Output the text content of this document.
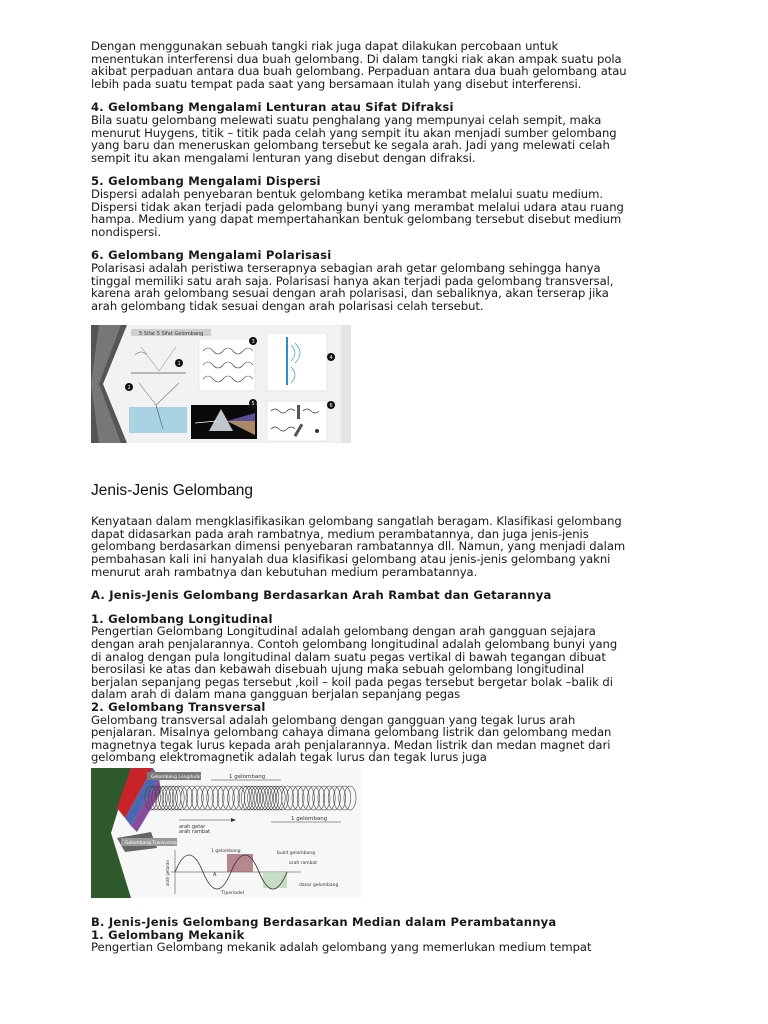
Dengan menggunakan sebuah tangki riak juga dapat dilakukan percobaan untuk
menentukan interferensi dua buah gelombang. Di dalam tangki riak akan ampak suatu pola
akibat perpaduan antara dua buah gelombang. Perpaduan antara dua buah gelombang atau
lebih pada suatu tempat pada saat yang bersamaan itulah yang disebut interferensi.

4. Gelombang Mengalami Lenturan atau Sifat Difraksi

Bila suatu gelombang melewati suatu penghalang yang mempunyai celah sempit, maka
menurut Huygens, titik – titik pada celah yang sempit itu akan menjadi sumber gelombang
yang baru dan meneruskan gelombang tersebut ke segala arah. Jadi yang melewati celah
sempit itu akan mengalami lenturan yang disebut dengan difraksi.

5. Gelombang Mengalami Dispersi

Dispersi adalah penyebaran bentuk gelombang ketika merambat melalui suatu medium.
Dispersi tidak akan terjadi pada gelombang bunyi yang merambat melalui udara atau ruang
hampa. Medium yang dapat mempertahankan bentuk gelombang tersebut disebut medium
nondispersi.

6. Gelombang Mengalami Polarisasi

Polarisasi adalah peristiwa terserapnya sebagian arah getar gelombang sehingga hanya
tinggal memiliki satu arah saja. Polarisasi hanya akan terjadi pada gelombang transversal,
karena arah gelombang sesuai dengan arah polarisasi, dan sebaliknya, akan terserap jika
arah gelombang tidak sesuai dengan arah polarisasi celah tersebut.

Jenis-Jenis Gelombang

Kenyataan dalam mengklasifikasikan gelombang sangatlah beragam. Klasifikasi gelombang
dapat didasarkan pada arah rambatnya, medium perambatannya, dan juga jenis-jenis
gelombang berdasarkan dimensi penyebaran rambatannya dll. Namun, yang menjadi dalam
pembahasan kali ini hanyalah dua klasifikasi gelombang atau jenis-jenis gelombang yakni
menurut arah rambatnya dan kebutuhan medium perambatannya.

A. Jenis-Jenis Gelombang Berdasarkan Arah Rambat dan Getarannya
1. Gelombang Longitudinal

Pengertian Gelombang Longitudinal adalah gelombang dengan arah gangguan sejajara
dengan arah penjalarannya. Contoh gelombang longitudinal adalah gelombang bunyi yang
di analog dengan pula longitudinal dalam suatu pegas vertikal di bawah tegangan dibuat
berosilasi ke atas dan kebawah disebuah ujung maka sebuah gelombang longitudinal
berjalan sepanjang pegas tersebut ,koil – koil pada pegas tersebut bergetar bolak –balik di
dalam arah di dalam mana gangguan berjalan sepanjang pegas

2. Gelombang Transversal

Gelombang transversal adalah gelombang dengan gangguan yang tegak lurus arah
penjalaran. Misalnya gelombang cahaya dimana gelombang listrik dan gelombang medan
magnetnya tegak lurus kepada arah penjalarannya. Medan listrik dan medan magnet dari
gelombang elektromagnetik adalah tegak lurus dan tegak lurus juga

B. Jenis-Jenis Gelombang Berdasarkan Median dalam Perambatannya
1. Gelombang Mekanik

Pengertian Gelombang mekanik adalah gelombang yang memerlukan medium tempat

5 Sifat 5 Sifat Gelombang
1
2
3
4
5	6
Gelombang Longitudinal	1 gelombang
1 gelombang
arah getar
arah rambat
Gelombang Transversal
arah getaran
1 gelombang	bukit gelombang
arah rambat
dasar gelombang
T(periode)
A
